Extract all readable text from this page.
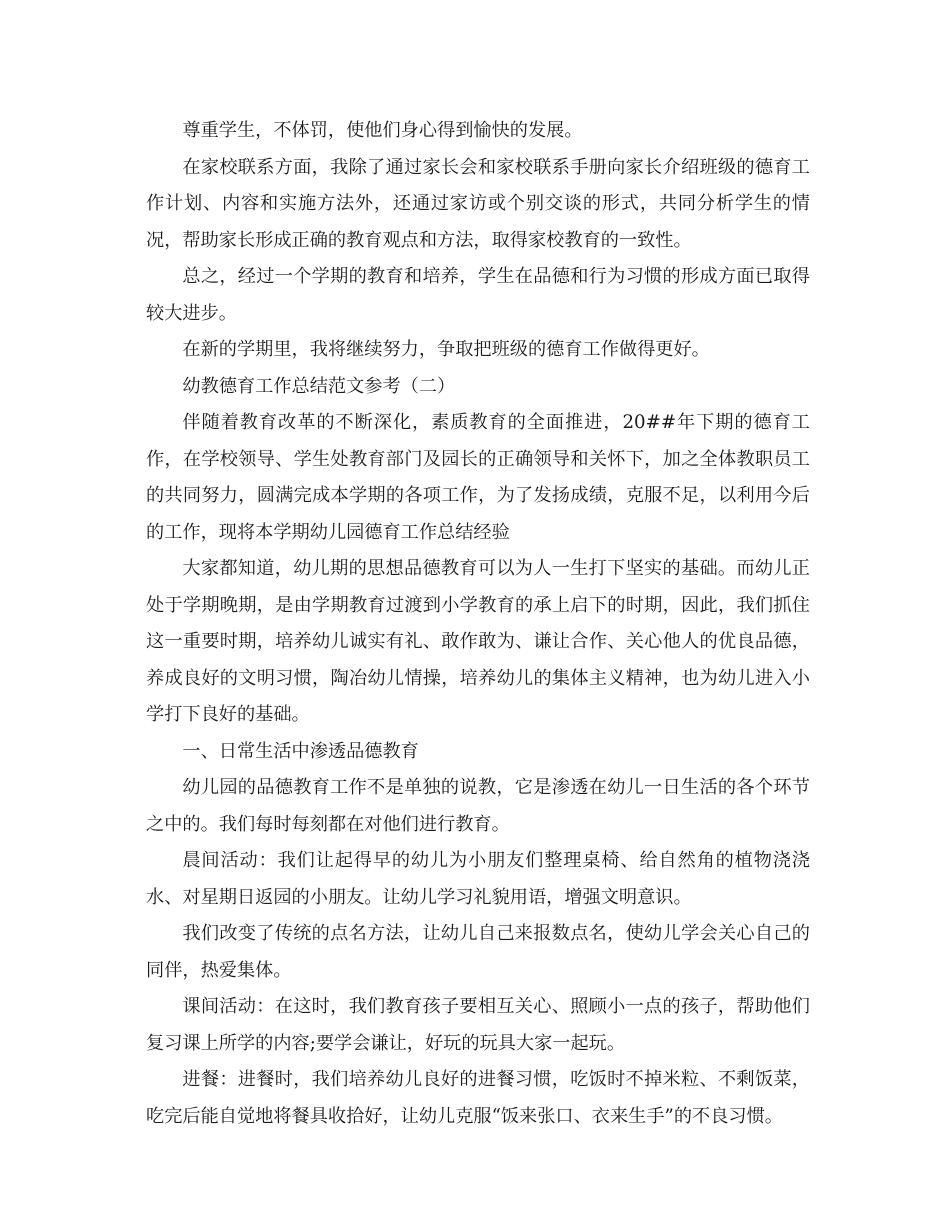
尊重学生，不体罚，使他们身心得到愉快的发展。

在家校联系方面，我除了通过家长会和家校联系手册向家长介绍班级的德育工作计划、内容和实施方法外，还通过家访或个别交谈的形式，共同分析学生的情况，帮助家长形成正确的教育观点和方法，取得家校教育的一致性。

总之，经过一个学期的教育和培养，学生在品德和行为习惯的形成方面已取得较大进步。

在新的学期里，我将继续努力，争取把班级的德育工作做得更好。

幼教德育工作总结范文参考（二）

伴随着教育改革的不断深化，素质教育的全面推进，20##年下期的德育工作，在学校领导、学生处教育部门及园长的正确领导和关怀下，加之全体教职员工的共同努力，圆满完成本学期的各项工作，为了发扬成绩，克服不足，以利用今后的工作，现将本学期幼儿园德育工作总结经验

大家都知道，幼儿期的思想品德教育可以为人一生打下坚实的基础。而幼儿正处于学期晚期，是由学期教育过渡到小学教育的承上启下的时期，因此，我们抓住这一重要时期，培养幼儿诚实有礼、敢作敢为、谦让合作、关心他人的优良品德，养成良好的文明习惯，陶冶幼儿情操，培养幼儿的集体主义精神，也为幼儿进入小学打下良好的基础。

一、日常生活中渗透品德教育

幼儿园的品德教育工作不是单独的说教，它是渗透在幼儿一日生活的各个环节之中的。我们每时每刻都在对他们进行教育。

晨间活动：我们让起得早的幼儿为小朋友们整理桌椅、给自然角的植物浇浇水、对星期日返园的小朋友。让幼儿学习礼貌用语，增强文明意识。

我们改变了传统的点名方法，让幼儿自己来报数点名，使幼儿学会关心自己的同伴，热爱集体。

课间活动：在这时，我们教育孩子要相互关心、照顾小一点的孩子，帮助他们复习课上所学的内容;要学会谦让，好玩的玩具大家一起玩。

进餐：进餐时，我们培养幼儿良好的进餐习惯，吃饭时不掉米粒、不剩饭菜，吃完后能自觉地将餐具收拾好，让幼儿克服“饭来张口、衣来生手”的不良习惯。
